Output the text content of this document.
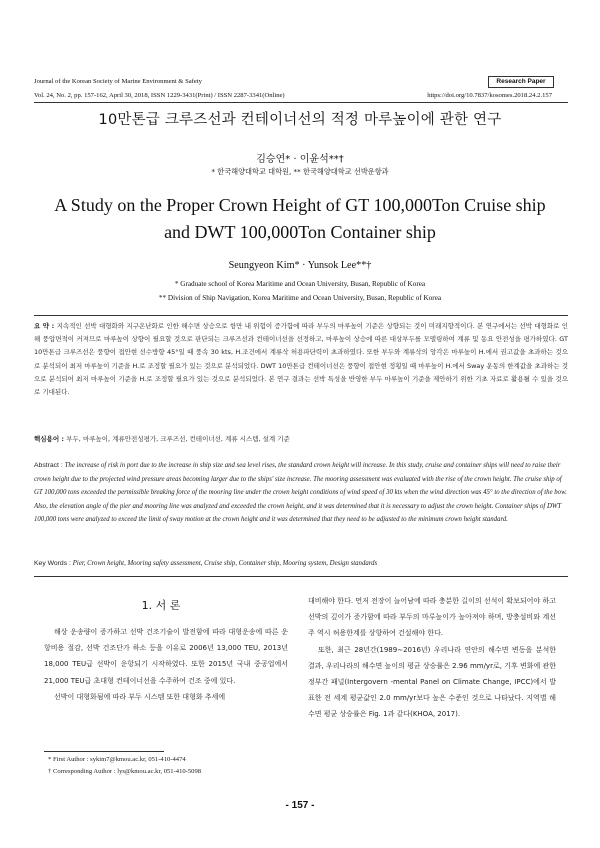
Journal of the Korean Society of Marine Environment & Safety	Research Paper
Vol. 24, No. 2, pp. 157-162, April 30, 2018, ISSN 1229-3431(Print) / ISSN 2287-3341(Online)	https://doi.org/10.7837/kosomes.2018.24.2.157
10만톤급 크루즈선과 컨테이너선의 적정 마루높이에 관한 연구
김승연* · 이윤석**†
* 한국해양대학교 대학원, ** 한국해양대학교 선박운항과
A Study on the Proper Crown Height of GT 100,000Ton Cruise ship
and DWT 100,000Ton Container ship
Seungyeon Kim* · Yunsok Lee**†
* Graduate school of Korea Maritime and Ocean University, Busan, Republic of Korea
** Division of Ship Navigation, Korea Maritime and Ocean University, Busan, Republic of Korea
요 약 : 지속적인 선박 대형화와 지구온난화로 인한 해수면 상승으로 항만 내 위험이 증가함에 따라 부두의 마루높이 기준은 상향되는 것이 미래지향적이다. 본 연구에서는 선박 대형화로 인해 풍압면적이 커져므로 마루높이 상향이 필요할 것으로 판단되는 크루즈선과 컨테이너선을 선정하고, 마루높이 상승에 따른 대상부두를 모델링하여 계류 및 동요 안전성을 평가하였다. GT 10만톤급 크루즈선은 풍향이 접안현 선수방향 45°일 때 풍속 30 kts, H.조건에서 계류삭 허용파단력이 초과하였다. 또한 부두와 계류삭의 앙각은 마루높이 H.에서 권고값을 초과하는 것으로 분석되어 최저 마루높이 기준을 H.로 조정할 필요가 있는 것으로 분석되었다. DWT 10만톤급 컨테이너선은 풍향이 접안현 정횡일 때 마루높이 H.에서 Sway 운동의 한계값을 초과하는 것으로 분석되어 최저 마루높이 기준을 H.로 조정할 필요가 있는 것으로 분석되었다. 본 연구 결과는 선박 특성을 반영한 부두 마루높이 기준을 제안하기 위한 기초 자료로 활용될 수 있을 것으로 기대된다.
핵심용어 : 부두, 마루높이, 계류안전성평가, 크루즈선, 컨테이너선, 계류 시스템, 설계 기준
Abstract : The increase of risk in port due to the increase in ship size and sea level rises, the standard crown height will increase. In this study, cruise and container ships will need to raise their crown height due to the projected wind pressure areas becoming larger due to the ships' size increase. The mooring assessment was evaluated with the rise of the crown height. The cruise ship of GT 100,000 tons exceeded the permissible breaking force of the mooring line under the crown height conditions of wind speed of 30 kts when the wind direction was 45° to the direction of the bow. Also, the elevation angle of the pier and mooring line was analyzed and exceeded the crown height, and it was determined that it is necessary to adjust the crown height. Container ships of DWT 100,000 tons were analyzed to exceed the limit of sway motion at the crown height and it was determined that they need to be adjusted to the minimum crown height standard.
Key Words : Pier, Crown height, Mooring safety assessment, Cruise ship, Container ship, Mooring system, Design standards
1. 서 론

해상 운송량이 증가하고 선박 건조기술이 발전함에 따라 대형운송에 따른 운항비용 절감, 선박 건조단가 하소 등을 이유로 2006년 13,000 TEU, 2013년 18,000 TEU급 선박이 운항되기 시작하였다. 또한 2015년 국내 중공업에서 21,000 TEU급 초대형 컨테이너선을 수주하여 건조 중에 있다.

선박이 대형화됨에 따라 부두 시스템 또한 대형화 추세에

* First Author : sykim7@kmou.ac.kr, 051-410-4474
† Corresponding Author : lys@kmou.ac.kr, 051-410-5098

대비해야 한다. 먼저 전장이 늘어남에 따라 충분한 길이의 선석이 확보되어야 하고 선박의 깊이가 증가함에 따라 부두의 마루높이가 높아져야 하며, 방충설비와 계선주 역시 허용한계를 상향하여 건설해야 한다.

또한, 최근 28년간(1989∼2016년) 우리나라 연안의 해수면 변동을 분석한 결과, 우리나라의 해수면 높이의 평균 상승률은 2.96 mm/yr로, 기후 변화에 관한 정부간 패널(Intergovern -mental Panel on Climate Change, IPCC)에서 발표한 전 세계 평균값인 2.0 mm/yr보다 높은 수준인 것으로 나타났다. 지역별 해수면 평균 상승률은 Fig. 1과 같다(KHOA, 2017).

- 157 -
